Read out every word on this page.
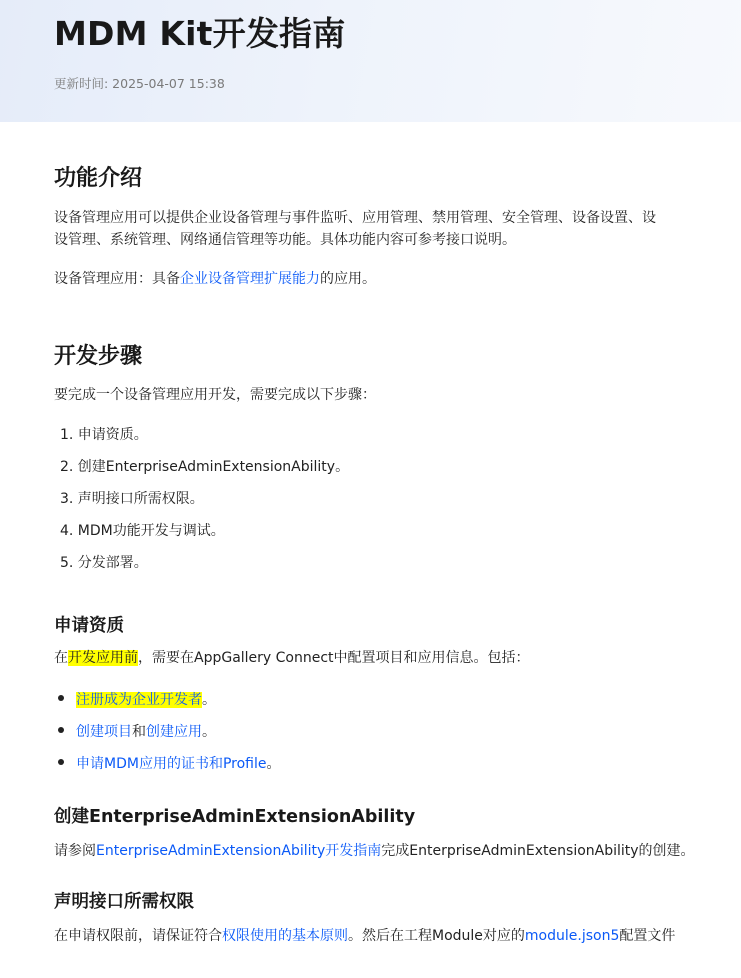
MDM Kit开发指南
更新时间: 2025-04-07 15:38
功能介绍

设备管理应用可以提供企业设备管理与事件监听、应用管理、禁用管理、安全管理、设备设置、设
设管理、系统管理、网络通信管理等功能。具体功能内容可参考接口说明。

设备管理应用：具备企业设备管理扩展能力的应用。

开发步骤

要完成一个设备管理应用开发，需要完成以下步骤：

1. 申请资质。
2. 创建EnterpriseAdminExtensionAbility。
3. 声明接口所需权限。
4. MDM功能开发与调试。
5. 分发部署。
申请资质

在开发应用前，需要在AppGallery Connect中配置项目和应用信息。包括：

注册成为企业开发者。
创建项目和创建应用。
申请MDM应用的证书和Profile。
创建EnterpriseAdminExtensionAbility

请参阅EnterpriseAdminExtensionAbility开发指南完成EnterpriseAdminExtensionAbility的创建。

声明接口所需权限

在申请权限前，请保证符合权限使用的基本原则。然后在工程Module对应的module.json5配置文件
